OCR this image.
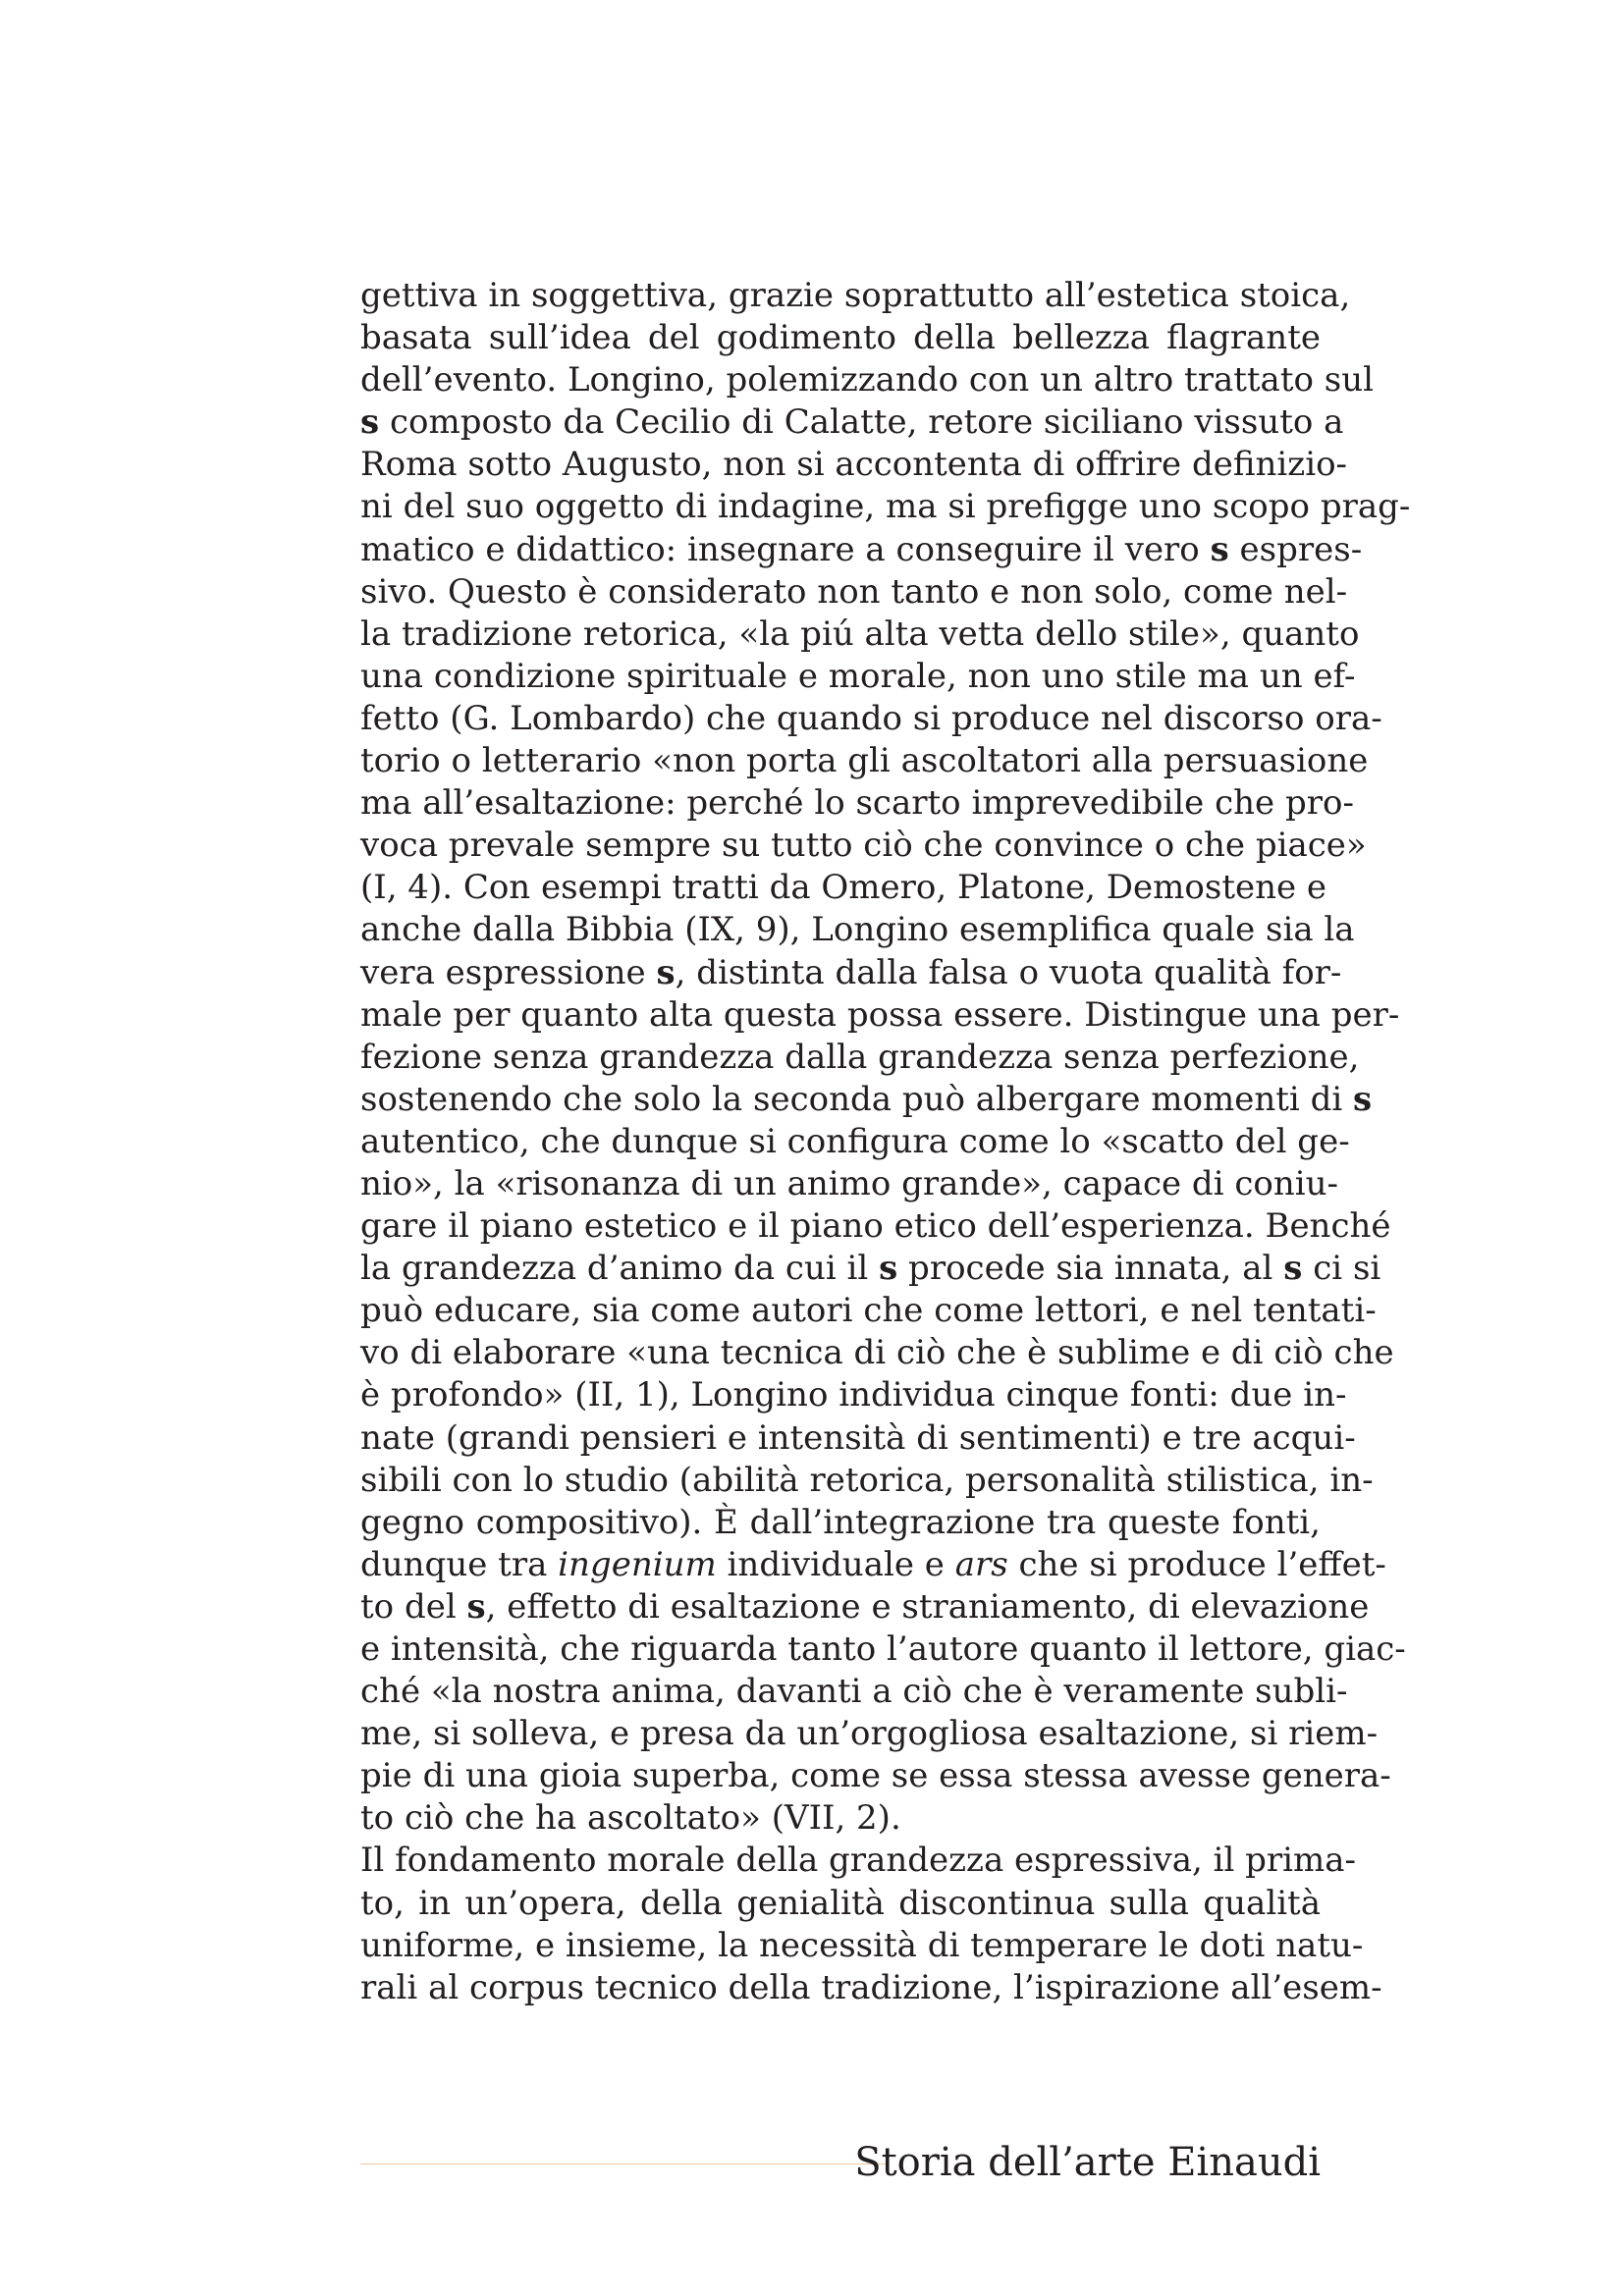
gettiva in soggettiva, grazie soprattutto all’estetica stoica,
basata sull’idea del godimento della bellezza flagrante
dell’evento. Longino, polemizzando con un altro trattato sul
s composto da Cecilio di Calatte, retore siciliano vissuto a
Roma sotto Augusto, non si accontenta di offrire definizio-
ni del suo oggetto di indagine, ma si prefigge uno scopo prag-
matico e didattico: insegnare a conseguire il vero s espres-
sivo. Questo è considerato non tanto e non solo, come nel-
la tradizione retorica, «la piú alta vetta dello stile», quanto
una condizione spirituale e morale, non uno stile ma un ef-
fetto (G. Lombardo) che quando si produce nel discorso ora-
torio o letterario «non porta gli ascoltatori alla persuasione
ma all’esaltazione: perché lo scarto imprevedibile che pro-
voca prevale sempre su tutto ciò che convince o che piace»
(I, 4). Con esempi tratti da Omero, Platone, Demostene e
anche dalla Bibbia (IX, 9), Longino esemplifica quale sia la
vera espressione s, distinta dalla falsa o vuota qualità for-
male per quanto alta questa possa essere. Distingue una per-
fezione senza grandezza dalla grandezza senza perfezione,
sostenendo che solo la seconda può albergare momenti di s
autentico, che dunque si configura come lo «scatto del ge-
nio», la «risonanza di un animo grande», capace di coniu-
gare il piano estetico e il piano etico dell’esperienza. Benché
la grandezza d’animo da cui il s procede sia innata, al s ci si
può educare, sia come autori che come lettori, e nel tentati-
vo di elaborare «una tecnica di ciò che è sublime e di ciò che
è profondo» (II, 1), Longino individua cinque fonti: due in-
nate (grandi pensieri e intensità di sentimenti) e tre acqui-
sibili con lo studio (abilità retorica, personalità stilistica, in-
gegno compositivo). È dall’integrazione tra queste fonti,
dunque tra ingenium individuale e ars che si produce l’effet-
to del s, effetto di esaltazione e straniamento, di elevazione
e intensità, che riguarda tanto l’autore quanto il lettore, giac-
ché «la nostra anima, davanti a ciò che è veramente subli-
me, si solleva, e presa da un’orgogliosa esaltazione, si riem-
pie di una gioia superba, come se essa stessa avesse genera-
to ciò che ha ascoltato» (VII, 2).
Il fondamento morale della grandezza espressiva, il prima-
to, in un’opera, della genialità discontinua sulla qualità
uniforme, e insieme, la necessità di temperare le doti natu-
rali al corpus tecnico della tradizione, l’ispirazione all’esem-
Storia dell’arte Einaudi
